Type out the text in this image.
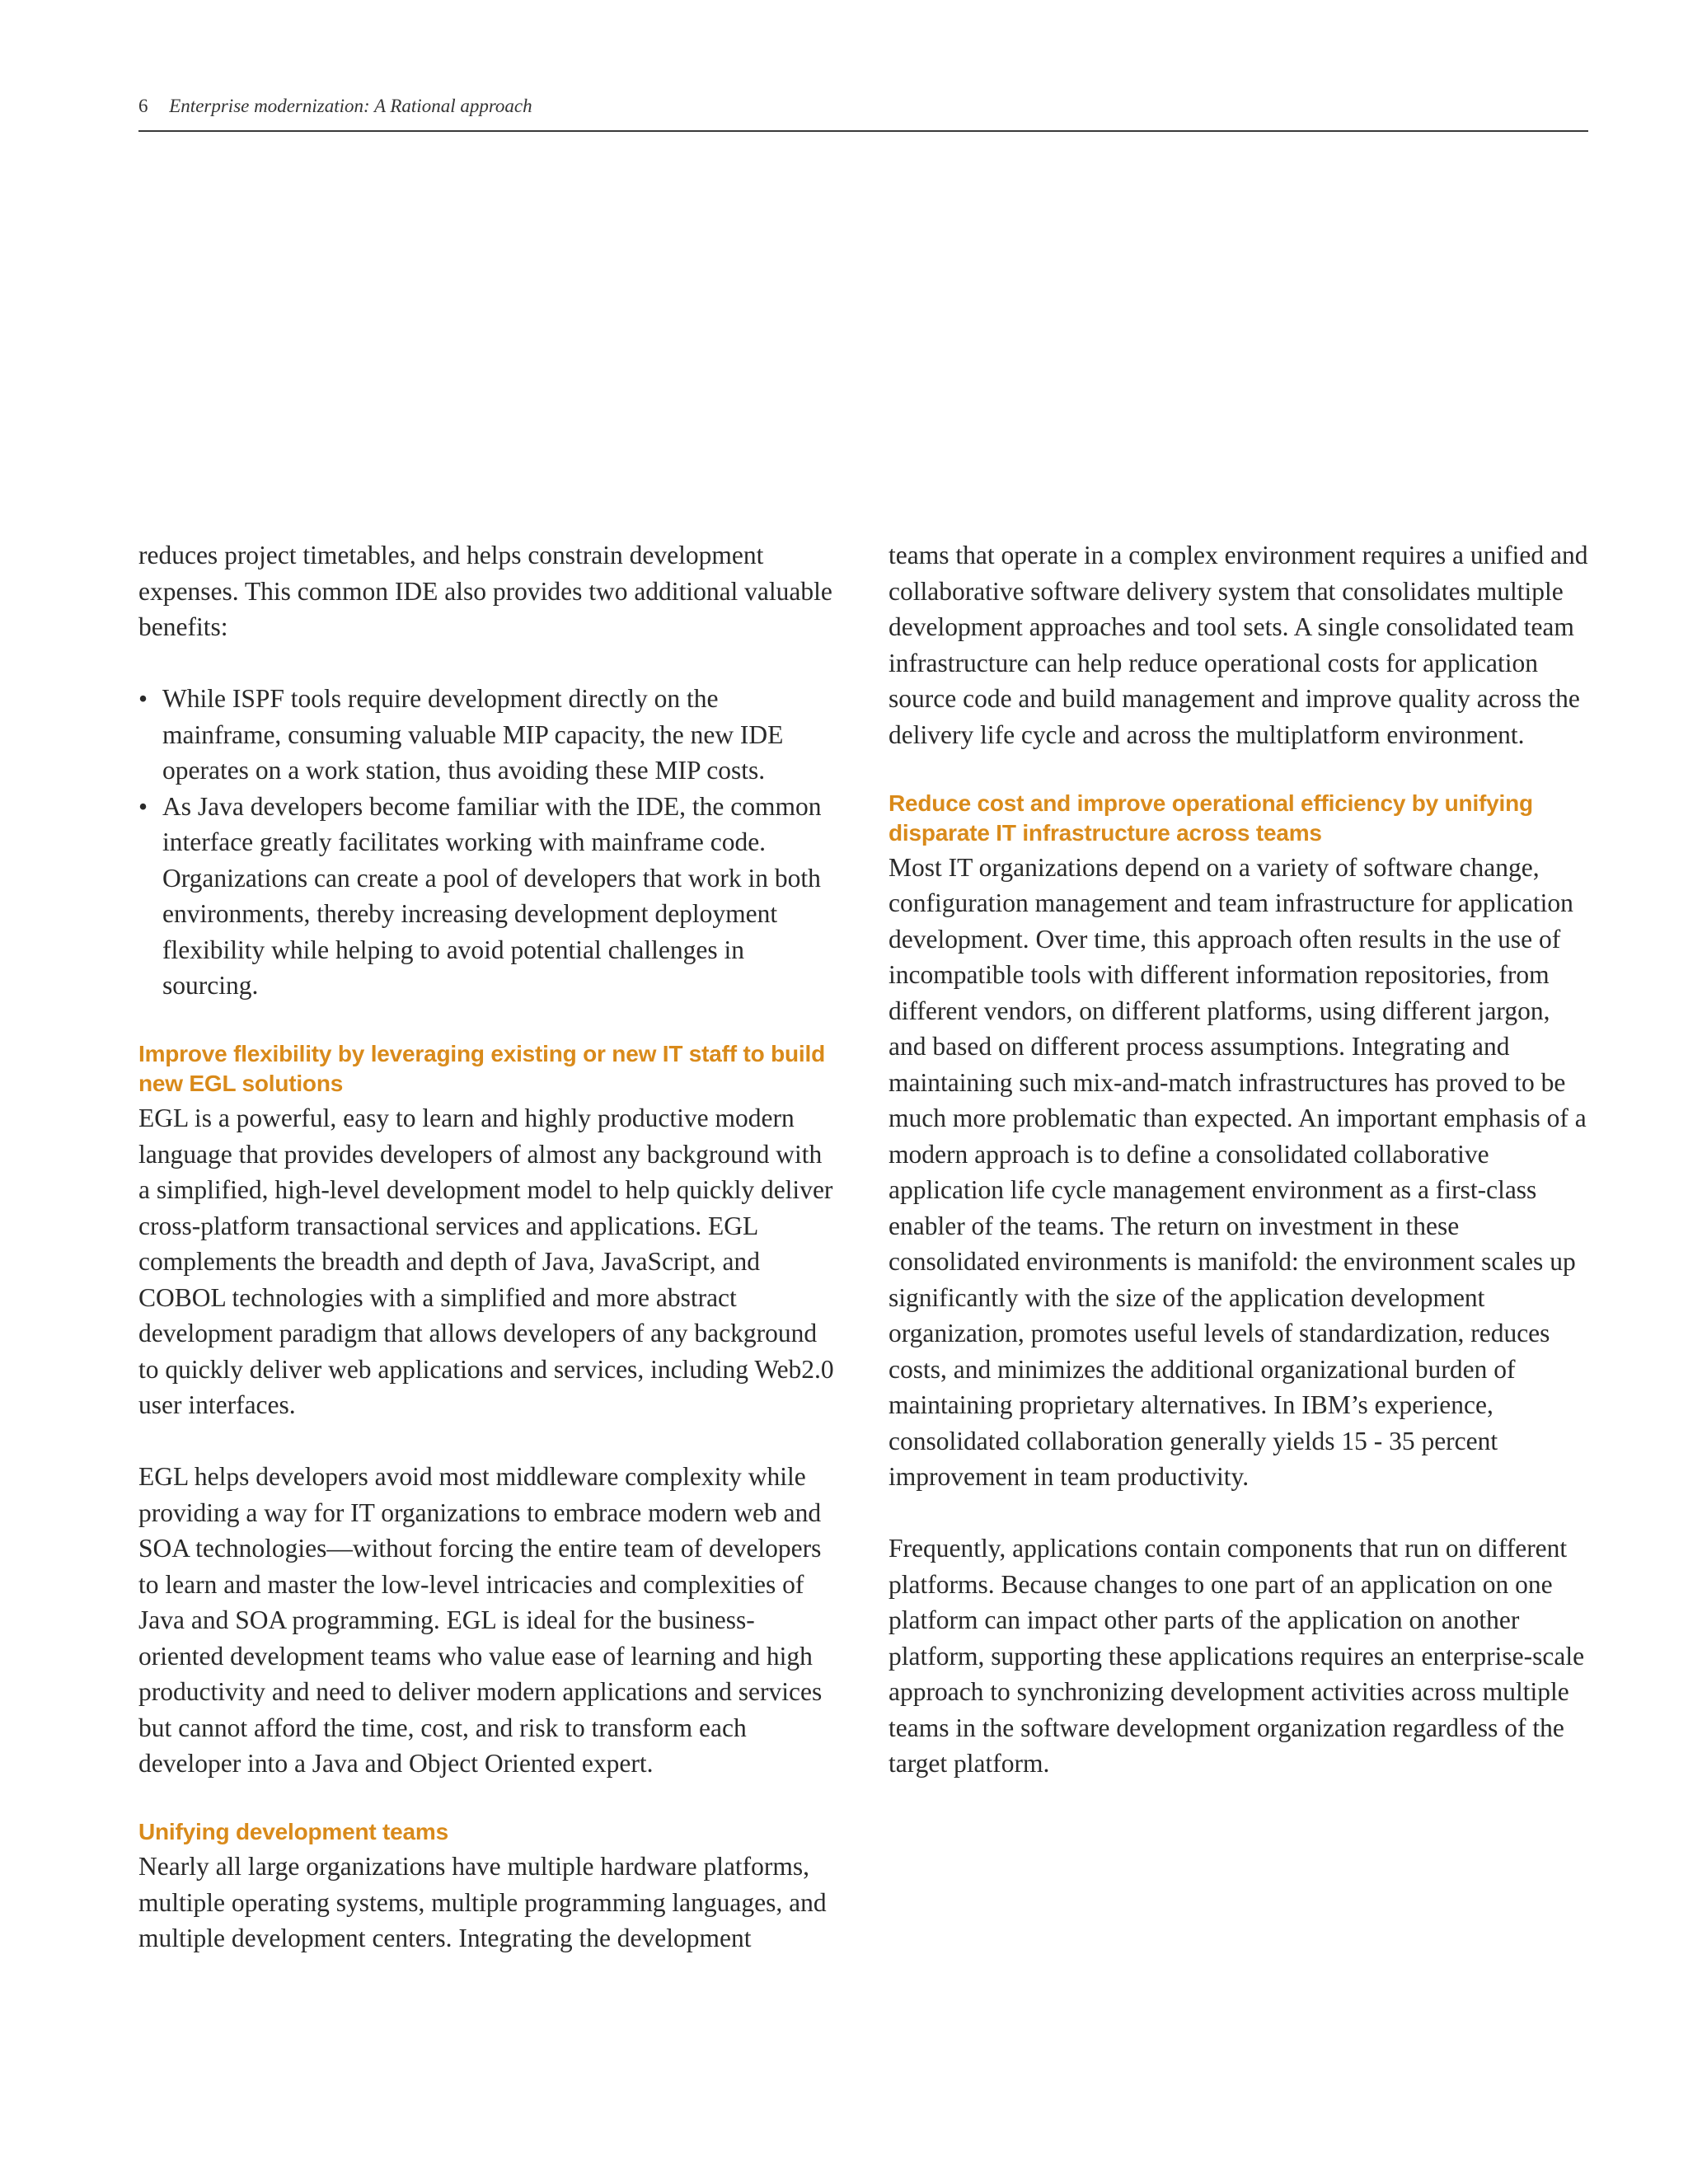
6 Enterprise modernization: A Rational approach

reduces project timetables, and helps constrain development expenses. This common IDE also provides two additional valuable benefits:

• While ISPF tools require development directly on the mainframe, consuming valuable MIP capacity, the new IDE operates on a work station, thus avoiding these MIP costs.
• As Java developers become familiar with the IDE, the common interface greatly facilitates working with mainframe code. Organizations can create a pool of developers that work in both environments, thereby increasing development deployment flexibility while helping to avoid potential challenges in sourcing.
Improve flexibility by leveraging existing or new IT staff to build new EGL solutions

EGL is a powerful, easy to learn and highly productive modern language that provides developers of almost any background with a simplified, high-level development model to help quickly deliver cross-platform transactional services and applications. EGL complements the breadth and depth of Java, JavaScript, and COBOL technologies with a simplified and more abstract development paradigm that allows developers of any background to quickly deliver web applications and services, including Web2.0 user interfaces.

EGL helps developers avoid most middleware complexity while providing a way for IT organizations to embrace modern web and SOA technologies—without forcing the entire team of developers to learn and master the low-level intricacies and complexities of Java and SOA programming. EGL is ideal for the business-oriented development teams who value ease of learning and high productivity and need to deliver modern applications and services but cannot afford the time, cost, and risk to transform each developer into a Java and Object Oriented expert.

Unifying development teams

Nearly all large organizations have multiple hardware platforms, multiple operating systems, multiple programming languages, and multiple development centers. Integrating the development

teams that operate in a complex environment requires a unified and collaborative software delivery system that consolidates multiple development approaches and tool sets. A single consolidated team infrastructure can help reduce operational costs for application source code and build management and improve quality across the delivery life cycle and across the multiplatform environment.

Reduce cost and improve operational efficiency by unifying disparate IT infrastructure across teams

Most IT organizations depend on a variety of software change, configuration management and team infrastructure for application development. Over time, this approach often results in the use of incompatible tools with different information repositories, from different vendors, on different platforms, using different jargon, and based on different process assumptions. Integrating and maintaining such mix-and-match infrastructures has proved to be much more problematic than expected. An important emphasis of a modern approach is to define a consolidated collaborative application life cycle management environment as a first-class enabler of the teams. The return on investment in these consolidated environments is manifold: the environment scales up significantly with the size of the application development organization, promotes useful levels of standardization, reduces costs, and minimizes the additional organizational burden of maintaining proprietary alternatives. In IBM’s experience, consolidated collaboration generally yields 15 - 35 percent improvement in team productivity.

Frequently, applications contain components that run on different platforms. Because changes to one part of an application on one platform can impact other parts of the application on another platform, supporting these applications requires an enterprise-scale approach to synchronizing development activities across multiple teams in the software development organization regardless of the target platform.
